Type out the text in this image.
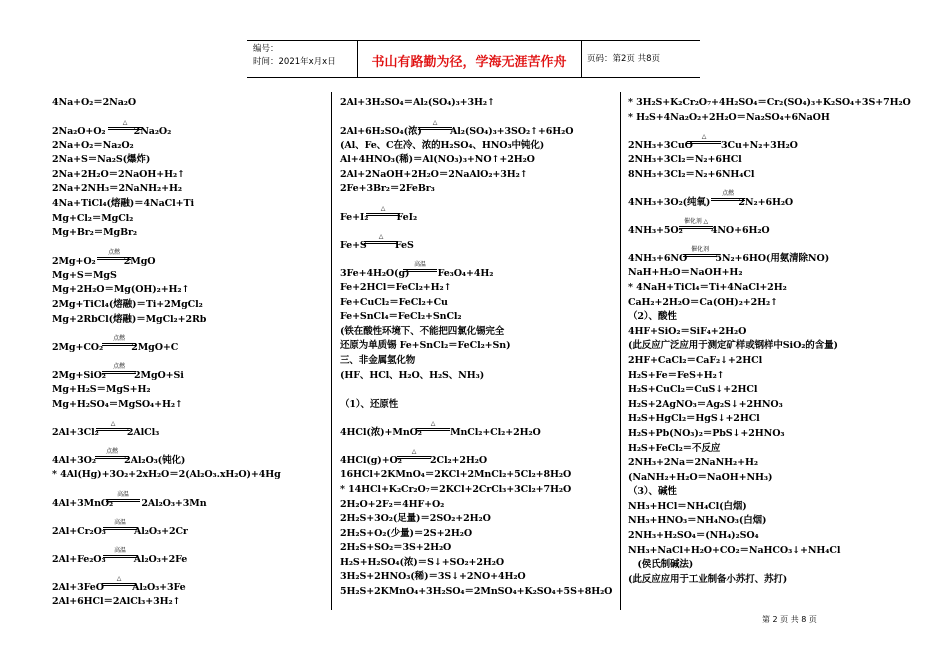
编号：
时间：2021年x月x日	书山有路勤为径，学海无涯苦作舟	页码：第2页 共8页
4Na+O₂＝2Na₂O
2Na₂O+O₂　　　2Na₂O₂
△
2Na+O₂＝Na₂O₂
2Na+S＝Na₂S(爆炸)
2Na+2H₂O＝2NaOH+H₂↑
2Na+2NH₃＝2NaNH₂+H₂
4Na+TiCl₄(熔融)＝4NaCl+Ti
Mg+Cl₂＝MgCl₂
Mg+Br₂＝MgBr₂
2Mg+O₂　　　2MgO
点燃
Mg+S＝MgS
Mg+2H₂O＝Mg(OH)₂+H₂↑
2Mg+TiCl₄(熔融)＝Ti+2MgCl₂
Mg+2RbCl(熔融)＝MgCl₂+2Rb
2Mg+CO₂　　　2MgO+C
点燃
2Mg+SiO₂　　　2MgO+Si
点燃
Mg+H₂S＝MgS+H₂
Mg+H₂SO₄＝MgSO₄+H₂↑
2Al+3Cl₂　　　2AlCl₃
△
4Al+3O₂　　　2Al₂O₃(钝化)
点燃
* 4Al(Hg)+3O₂+2xH₂O＝2(Al₂O₃.xH₂O)+4Hg
4Al+3MnO₂　　　2Al₂O₃+3Mn
高温
2Al+Cr₂O₃　　　Al₂O₃+2Cr
高温
2Al+Fe₂O₃　　　Al₂O₃+2Fe
高温
2Al+3FeO　　　Al₂O₃+3Fe
△
2Al+6HCl＝2AlCl₃+3H₂↑
2Al+3H₂SO₄＝Al₂(SO₄)₃+3H₂↑
2Al+6H₂SO₄(浓)　　　Al₂(SO₄)₃+3SO₂↑+6H₂O
△
(Al、Fe、C在冷、浓的H₂SO₄、HNO₃中钝化)
Al+4HNO₃(稀)＝Al(NO₃)₃+NO↑+2H₂O
2Al+2NaOH+2H₂O＝2NaAlO₂+3H₂↑
2Fe+3Br₂＝2FeBr₃
Fe+I₂　　　FeI₂
△
Fe+S　　　FeS
△
3Fe+4H₂O(g)　　　Fe₃O₄+4H₂
高温
Fe+2HCl＝FeCl₂+H₂↑
Fe+CuCl₂＝FeCl₂+Cu
Fe+SnCl₄＝FeCl₂+SnCl₂
(铁在酸性环境下、不能把四氯化锡完全
还原为单质锡 Fe+SnCl₂＝FeCl₂+Sn)
三、非金属氢化物
(HF、HCl、H₂O、H₂S、NH₃)
（1）、还原性
4HCl(浓)+MnO₂　　　MnCl₂+Cl₂+2H₂O
△
4HCl(g)+O₂　　　2Cl₂+2H₂O
△
16HCl+2KMnO₄＝2KCl+2MnCl₂+5Cl₂+8H₂O
* 14HCl+K₂Cr₂O₇＝2KCl+2CrCl₃+3Cl₂+7H₂O
2H₂O+2F₂＝4HF+O₂
2H₂S+3O₂(足量)＝2SO₂+2H₂O
2H₂S+O₂(少量)＝2S+2H₂O
2H₂S+SO₂＝3S+2H₂O
H₂S+H₂SO₄(浓)＝S↓+SO₂+2H₂O
3H₂S+2HNO₃(稀)＝3S↓+2NO+4H₂O
5H₂S+2KMnO₄+3H₂SO₄＝2MnSO₄+K₂SO₄+5S+8H₂O
* 3H₂S+K₂Cr₂O₇+4H₂SO₄＝Cr₂(SO₄)₃+K₂SO₄+3S+7H₂O
* H₂S+4Na₂O₂+2H₂O＝Na₂SO₄+6NaOH
2NH₃+3CuO　　　3Cu+N₂+3H₂O
△
2NH₃+3Cl₂＝N₂+6HCl
8NH₃+3Cl₂＝N₂+6NH₄Cl
4NH₃+3O₂(纯氧)　　　2N₂+6H₂O
点燃
4NH₃+5O₂　　　4NO+6H₂O
催化剂 △
4NH₃+6NO　　　5N₂+6HO(用氨清除NO)
催化剂
NaH+H₂O＝NaOH+H₂
* 4NaH+TiCl₄＝Ti+4NaCl+2H₂
CaH₂+2H₂O＝Ca(OH)₂+2H₂↑
（2）、酸性
4HF+SiO₂＝SiF₄+2H₂O
(此反应广泛应用于测定矿样或钢样中SiO₂的含量)
2HF+CaCl₂＝CaF₂↓+2HCl
H₂S+Fe＝FeS+H₂↑
H₂S+CuCl₂＝CuS↓+2HCl
H₂S+2AgNO₃＝Ag₂S↓+2HNO₃
H₂S+HgCl₂＝HgS↓+2HCl
H₂S+Pb(NO₃)₂＝PbS↓+2HNO₃
H₂S+FeCl₂＝不反应
2NH₃+2Na＝2NaNH₂+H₂
(NaNH₂+H₂O＝NaOH+NH₃)
（3）、碱性
NH₃+HCl＝NH₄Cl(白烟)
NH₃+HNO₃＝NH₄NO₃(白烟)
2NH₃+H₂SO₄＝(NH₄)₂SO₄
NH₃+NaCl+H₂O+CO₂＝NaHCO₃↓+NH₄Cl
　(侯氏制碱法)
(此反应应用于工业制备小苏打、苏打)
第 2 页 共 8 页
